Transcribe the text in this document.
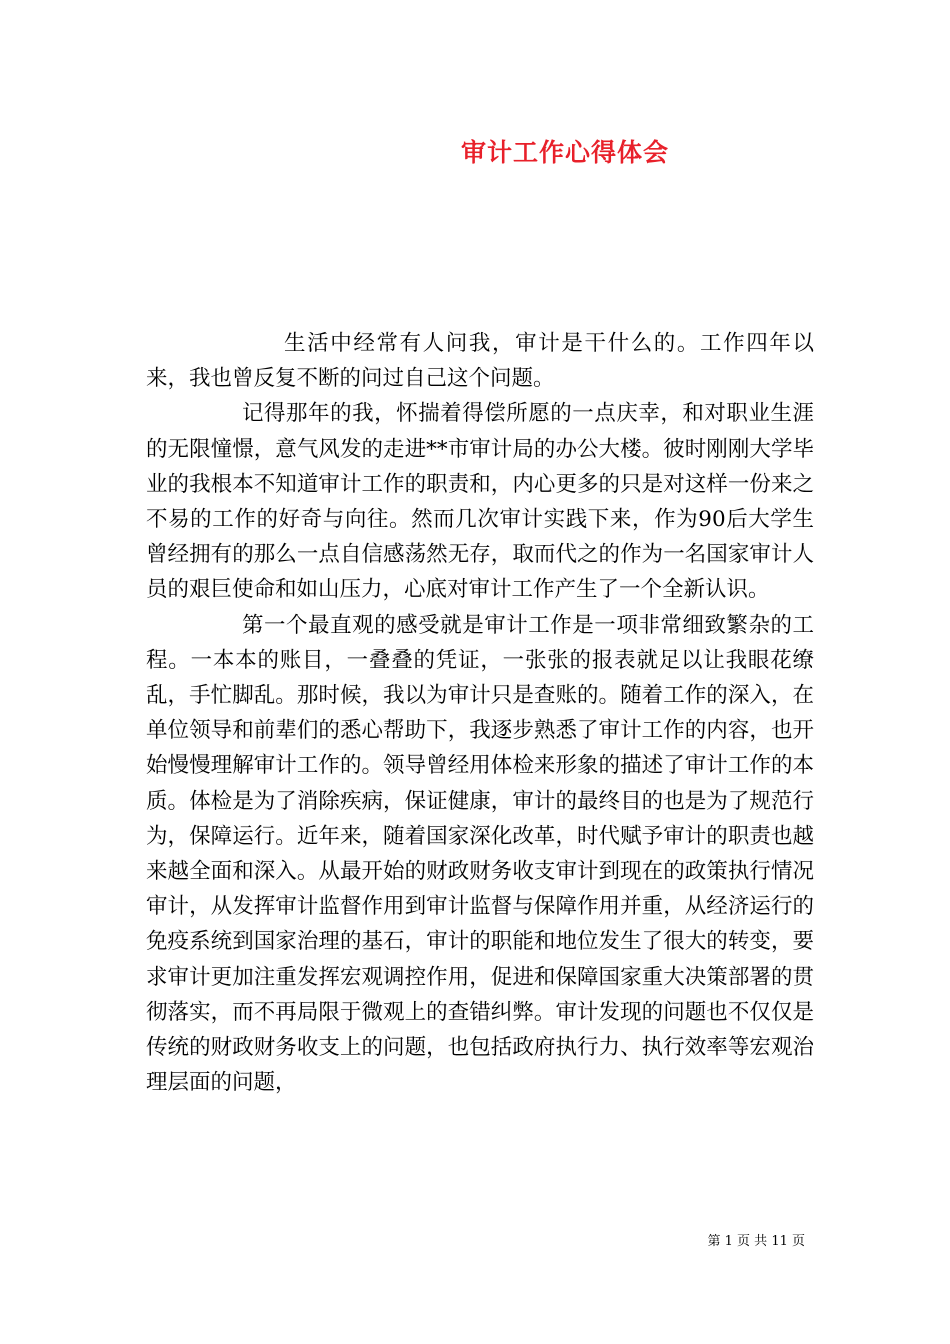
审计工作心得体会

生活中经常有人问我，审计是干什么的。工作四年以来，我也曾反复不断的问过自己这个问题。

记得那年的我，怀揣着得偿所愿的一点庆幸，和对职业生涯的无限憧憬，意气风发的走进**市审计局的办公大楼。彼时刚刚大学毕业的我根本不知道审计工作的职责和，内心更多的只是对这样一份来之不易的工作的好奇与向往。然而几次审计实践下来，作为90后大学生曾经拥有的那么一点自信感荡然无存，取而代之的作为一名国家审计人员的艰巨使命和如山压力，心底对审计工作产生了一个全新认识。

第一个最直观的感受就是审计工作是一项非常细致繁杂的工程。一本本的账目，一叠叠的凭证，一张张的报表就足以让我眼花缭乱，手忙脚乱。那时候，我以为审计只是查账的。随着工作的深入，在单位领导和前辈们的悉心帮助下，我逐步熟悉了审计工作的内容，也开始慢慢理解审计工作的。领导曾经用体检来形象的描述了审计工作的本质。体检是为了消除疾病，保证健康，审计的最终目的也是为了规范行为，保障运行。近年来，随着国家深化改革，时代赋予审计的职责也越来越全面和深入。从最开始的财政财务收支审计到现在的政策执行情况审计，从发挥审计监督作用到审计监督与保障作用并重，从经济运行的免疫系统到国家治理的基石，审计的职能和地位发生了很大的转变，要求审计更加注重发挥宏观调控作用，促进和保障国家重大决策部署的贯彻落实，而不再局限于微观上的查错纠弊。审计发现的问题也不仅仅是传统的财政财务收支上的问题，也包括政府执行力、执行效率等宏观治理层面的问题，

第 1 页 共 11 页
